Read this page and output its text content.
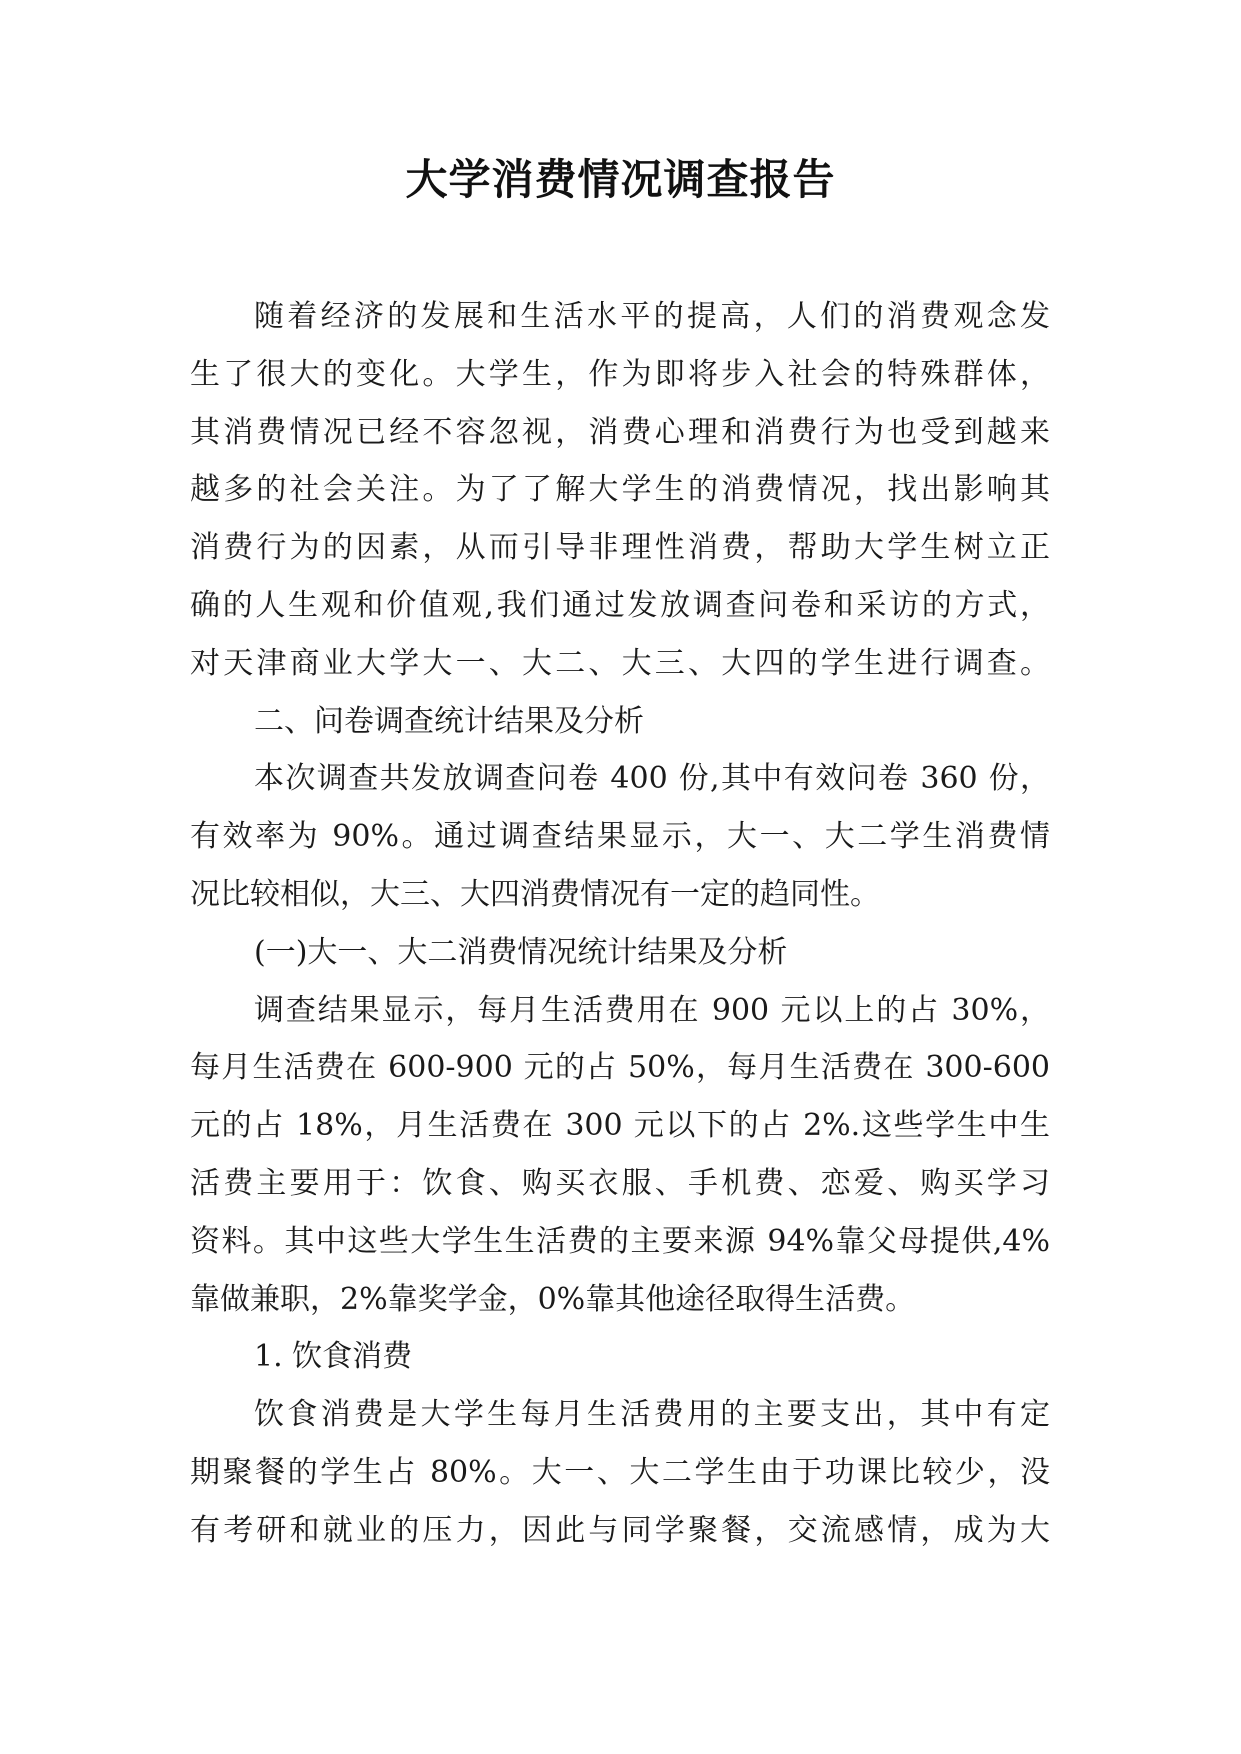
大学消费情况调查报告
随着经济的发展和生活水平的提高，人们的消费观念发
生了很大的变化。大学生，作为即将步入社会的特殊群体，
其消费情况已经不容忽视，消费心理和消费行为也受到越来
越多的社会关注。为了了解大学生的消费情况，找出影响其
消费行为的因素，从而引导非理性消费，帮助大学生树立正
确的人生观和价值观,我们通过发放调查问卷和采访的方式，
对天津商业大学大一、大二、大三、大四的学生进行调查。
二、问卷调查统计结果及分析
本次调查共发放调查问卷 400 份,其中有效问卷 360 份，
有效率为 90%。通过调查结果显示，大一、大二学生消费情
况比较相似，大三、大四消费情况有一定的趋同性。
(一)大一、大二消费情况统计结果及分析
调查结果显示，每月生活费用在 900 元以上的占 30%，
每月生活费在 600-900 元的占 50%，每月生活费在 300-600
元的占 18%，月生活费在 300 元以下的占 2%.这些学生中生
活费主要用于：饮食、购买衣服、手机费、恋爱、购买学习
资料。其中这些大学生生活费的主要来源 94%靠父母提供,4%
靠做兼职，2%靠奖学金，0%靠其他途径取得生活费。
1. 饮食消费
饮食消费是大学生每月生活费用的主要支出，其中有定
期聚餐的学生占 80%。大一、大二学生由于功课比较少，没
有考研和就业的压力，因此与同学聚餐，交流感情，成为大
